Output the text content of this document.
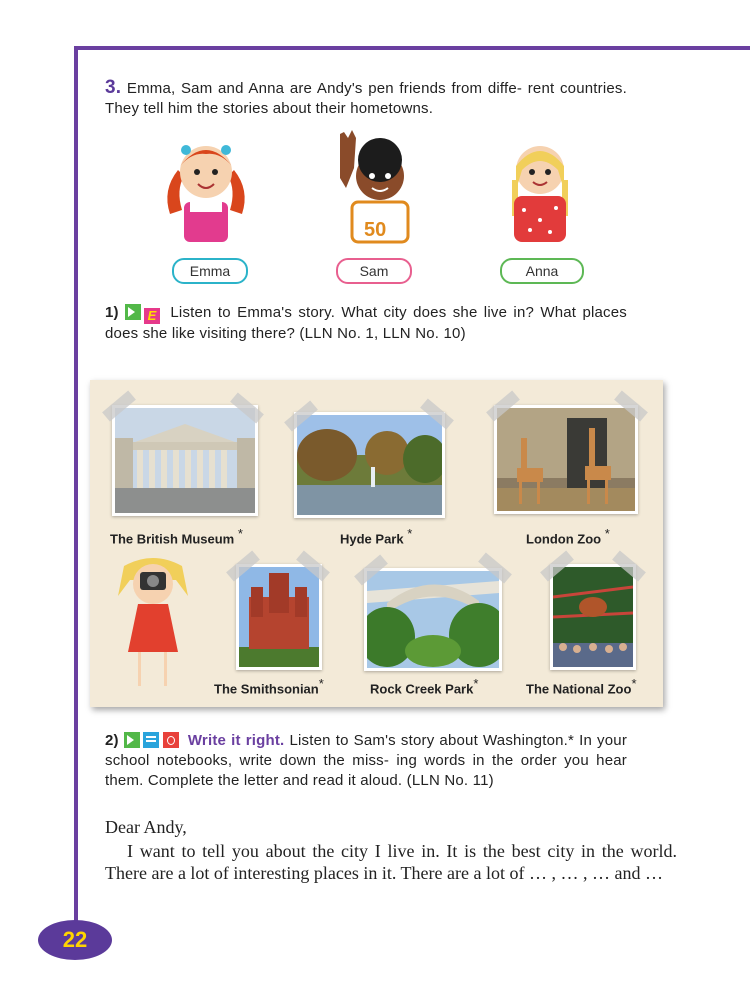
3. Emma, Sam and Anna are Andy's pen friends from diffe- rent countries. They tell him the stories about their hometowns.
50
Emma	Sam	Anna
1) E Listen to Emma's story. What city does she live in? What places does she like visiting there? (LLN No. 1, LLN No. 10)
The British Museum *	Hyde Park *	London Zoo *
The Smithsonian*	Rock Creek Park*	The National Zoo*
2)	Write it right. Listen to Sam's story about Washington.* In your school notebooks, write down the miss- ing words in the order you hear them. Complete the letter and read it aloud. (LLN No. 11)
Dear Andy,
I want to tell you about the city I live in. It is the best city in the world. There are a lot of interesting places in it. There are a lot of … , … , … and …
22
